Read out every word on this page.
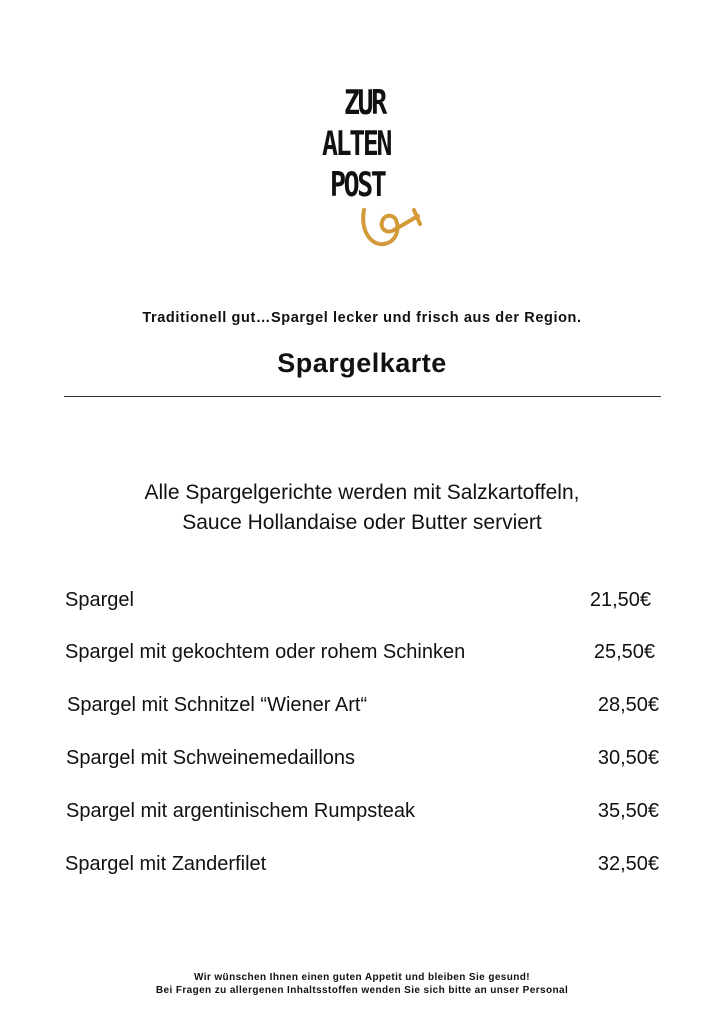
ZUR
ALTEN
POST
Traditionell gut…Spargel lecker und frisch aus der Region.
Spargelkarte
Alle Spargelgerichte werden mit Salzkartoffeln,
Sauce Hollandaise oder Butter serviert
Spargel	21,50€
Spargel mit gekochtem oder rohem Schinken	25,50€
Spargel mit Schnitzel “Wiener Art“	28,50€
Spargel mit Schweinemedaillons	30,50€
Spargel mit argentinischem Rumpsteak	35,50€
Spargel mit Zanderfilet	32,50€
Wir wünschen Ihnen einen guten Appetit und bleiben Sie gesund!
Bei Fragen zu allergenen Inhaltsstoffen wenden Sie sich bitte an unser Personal
